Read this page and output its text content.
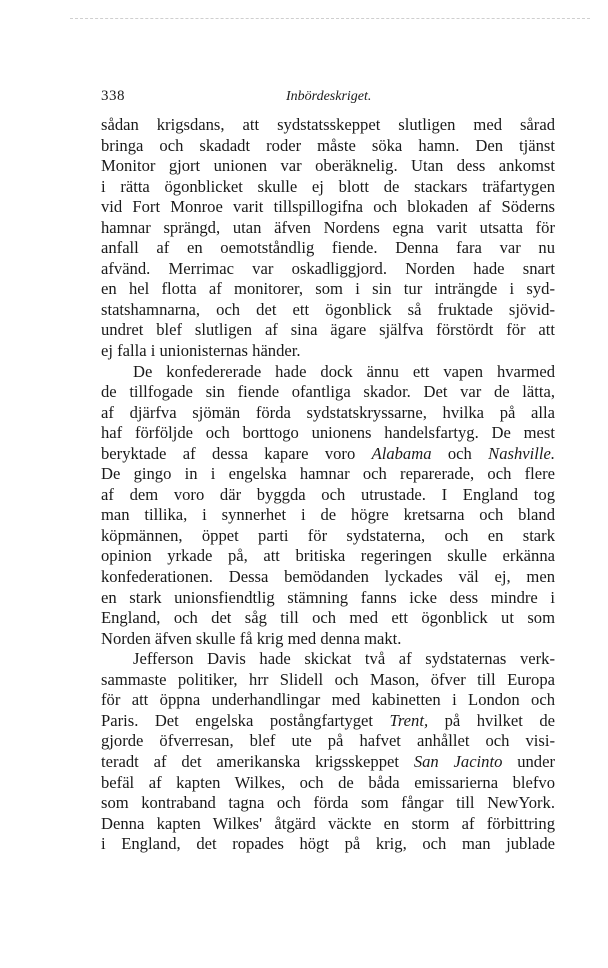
338	Inbördeskriget.
sådan krigsdans, att sydstatsskeppet slutligen med sårad
bringa och skadadt roder måste söka hamn. Den tjänst
Monitor gjort unionen var oberäknelig. Utan dess ankomst
i rätta ögonblicket skulle ej blott de stackars träfartygen
vid Fort Monroe varit tillspillogifna och blokaden af Söderns
hamnar sprängd, utan äfven Nordens egna varit utsatta för
anfall af en oemotståndlig fiende. Denna fara var nu
afvänd. Merrimac var oskadliggjord. Norden hade snart
en hel flotta af monitorer, som i sin tur inträngde i syd-
statshamnarna, och det ett ögonblick så fruktade sjövid-
undret blef slutligen af sina ägare själfva förstördt för att
ej falla i unionisternas händer.
De konfedererade hade dock ännu ett vapen hvarmed
de tillfogade sin fiende ofantliga skador. Det var de lätta,
af djärfva sjömän förda sydstatskryssarne, hvilka på alla
haf förföljde och borttogo unionens handelsfartyg. De mest
beryktade af dessa kapare voro Alabama och Nashville.
De gingo in i engelska hamnar och reparerade, och flere
af dem voro där byggda och utrustade. I England tog
man tillika, i synnerhet i de högre kretsarna och bland
köpmännen, öppet parti för sydstaterna, och en stark
opinion yrkade på, att britiska regeringen skulle erkänna
konfederationen. Dessa bemödanden lyckades väl ej, men
en stark unionsfiendtlig stämning fanns icke dess mindre i
England, och det såg till och med ett ögonblick ut som
Norden äfven skulle få krig med denna makt.
Jefferson Davis hade skickat två af sydstaternas verk-
sammaste politiker, hrr Slidell och Mason, öfver till Europa
för att öppna underhandlingar med kabinetten i London och
Paris. Det engelska postångfartyget Trent, på hvilket de
gjorde öfverresan, blef ute på hafvet anhållet och visi-
teradt af det amerikanska krigsskeppet San Jacinto under
befäl af kapten Wilkes, och de båda emissarierna blefvo
som kontraband tagna och förda som fångar till NewYork.
Denna kapten Wilkes' åtgärd väckte en storm af förbittring
i England, det ropades högt på krig, och man jublade
